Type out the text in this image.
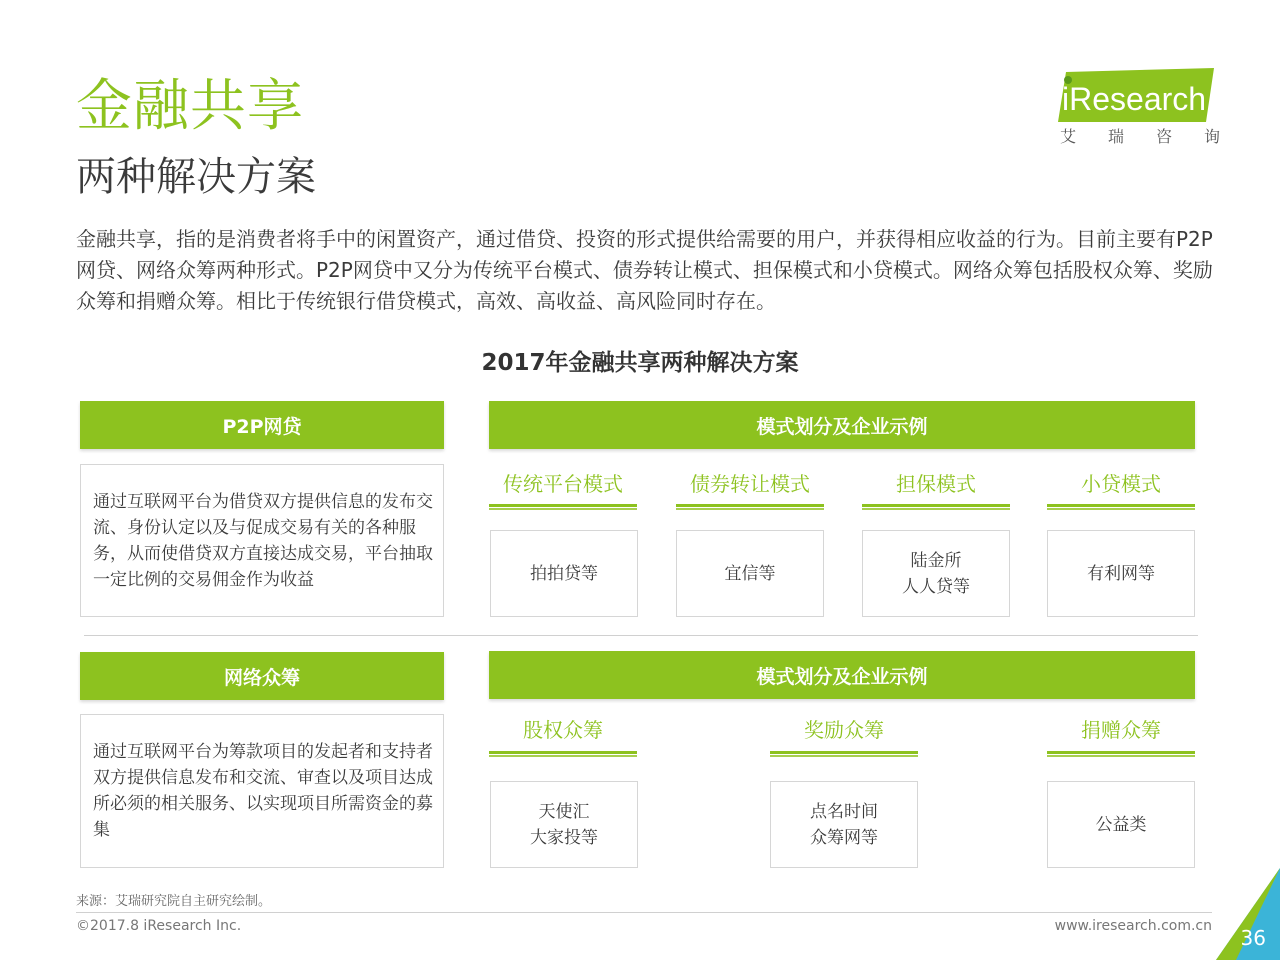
金融共享
两种解决方案
iResearch
艾 瑞 咨 询
金融共享，指的是消费者将手中的闲置资产，通过借贷、投资的形式提供给需要的用户，并获得相应收益的行为。目前主要有P2P网贷、网络众筹两种形式。P2P网贷中又分为传统平台模式、债券转让模式、担保模式和小贷模式。网络众筹包括股权众筹、奖励众筹和捐赠众筹。相比于传统银行借贷模式，高效、高收益、高风险同时存在。
2017年金融共享两种解决方案
P2P网贷
通过互联网平台为借贷双方提供信息的发布交流、身份认定以及与促成交易有关的各种服务，从而使借贷双方直接达成交易，平台抽取一定比例的交易佣金作为收益
模式划分及企业示例
传统平台模式
拍拍贷等
债券转让模式
宜信等
担保模式
陆金所
人人贷等
小贷模式
有利网等
网络众筹
通过互联网平台为筹款项目的发起者和支持者双方提供信息发布和交流、审查以及项目达成所必须的相关服务、以实现项目所需资金的募集
模式划分及企业示例
股权众筹
天使汇
大家投等
奖励众筹
点名时间
众筹网等
捐赠众筹
公益类
来源：艾瑞研究院自主研究绘制。
©2017.8 iResearch Inc.	www.iresearch.com.cn 36
